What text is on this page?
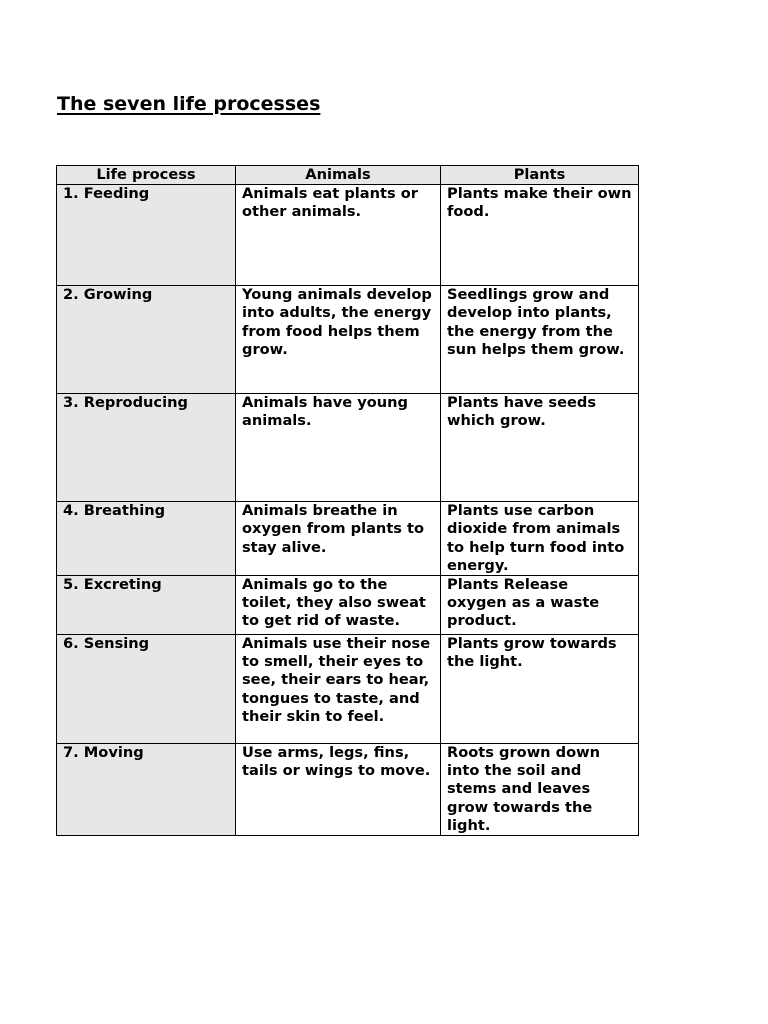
The seven life processes
Life process	Animals	Plants
1. Feeding	Animals eat plants or other animals.	Plants make their own food.
2. Growing	Young animals develop into adults, the energy from food helps them grow.	Seedlings grow and develop into plants, the energy from the sun helps them grow.
3. Reproducing	Animals have young animals.	Plants have seeds which grow.
4. Breathing	Animals breathe in oxygen from plants to stay alive.	Plants use carbon dioxide from animals to help turn food into energy.
5. Excreting	Animals go to the toilet, they also sweat to get rid of waste.	Plants Release oxygen as a waste product.
6. Sensing	Animals use their nose to smell, their eyes to see, their ears to hear, tongues to taste, and their skin to feel.	Plants grow towards the light.
7. Moving	Use arms, legs, fins, tails or wings to move.	Roots grown down into the soil and stems and leaves grow towards the light.
